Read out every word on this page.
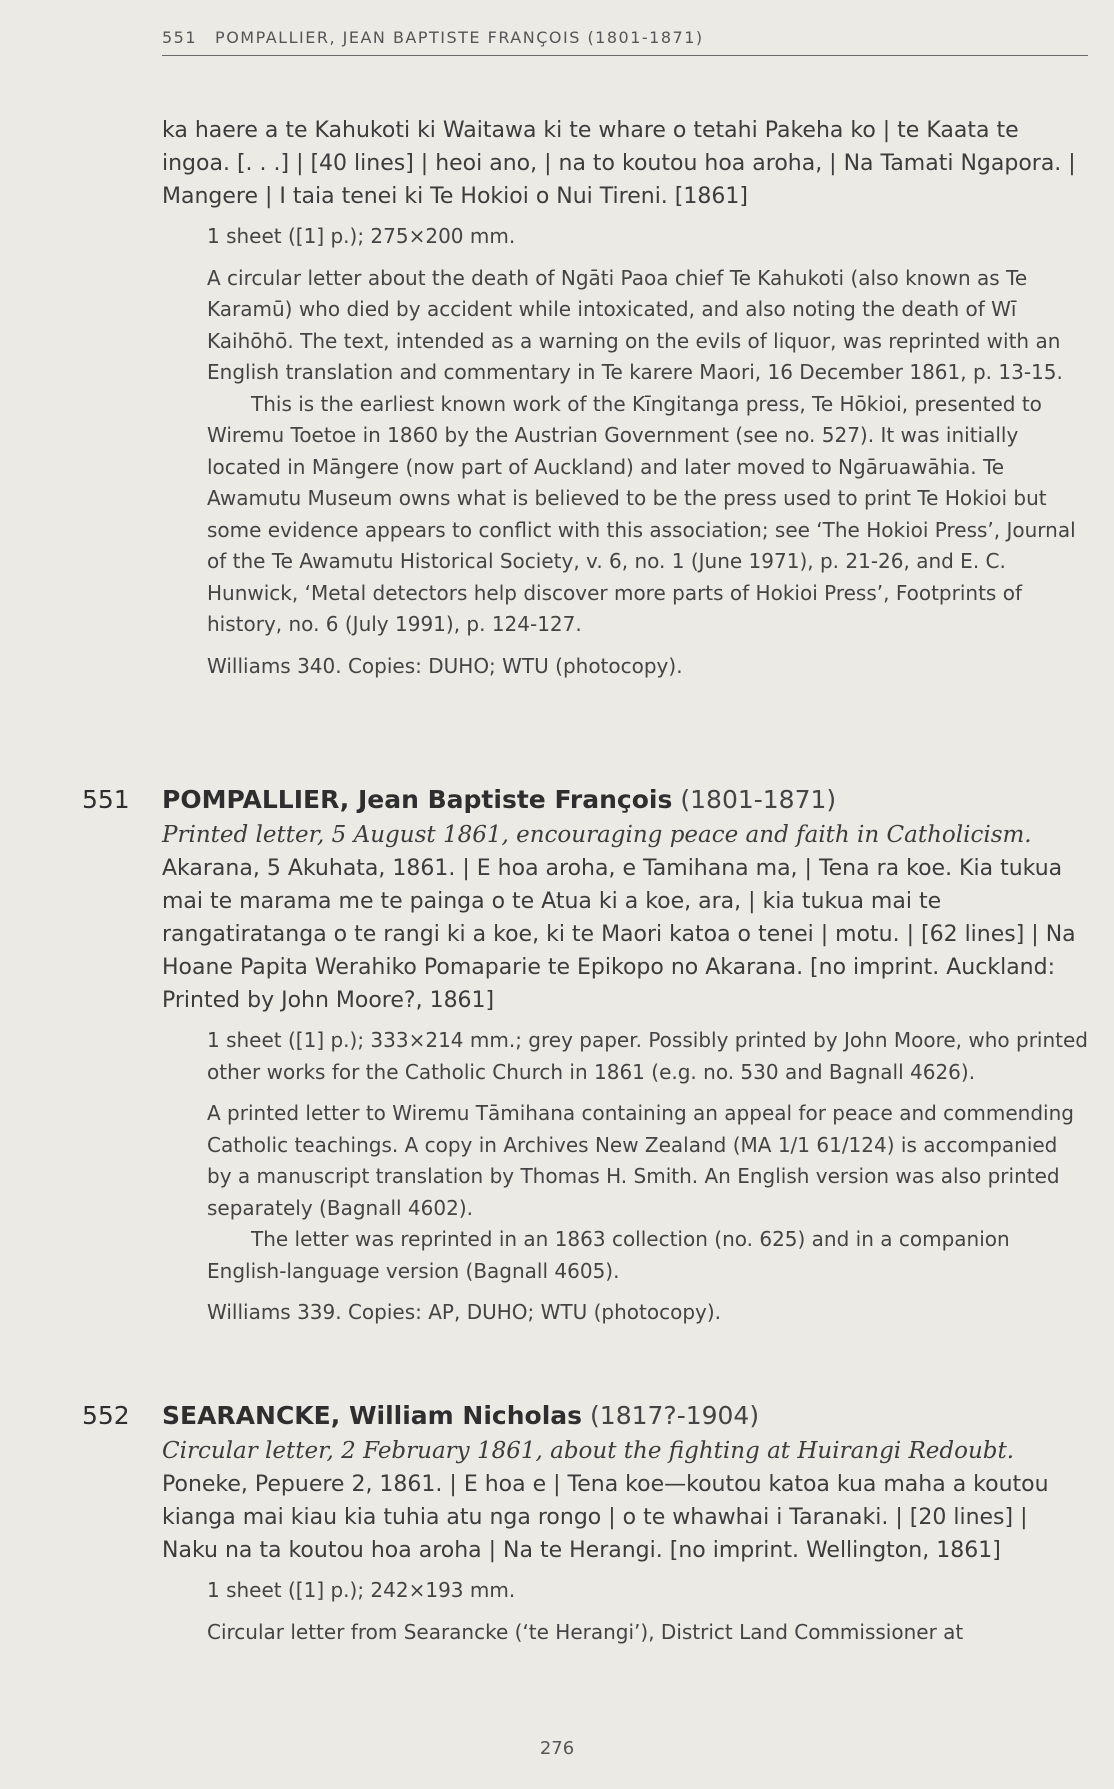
551 POMPALLIER, JEAN BAPTISTE FRANÇOIS (1801-1871)

ka haere a te Kahukoti ki Waitawa ki te whare o tetahi Pakeha ko | te Kaata te ingoa. [. . .] | [40 lines] | heoi ano, | na to koutou hoa aroha, | Na Tamati Ngapora. | Mangere | I taia tenei ki Te Hokioi o Nui Tireni. [1861]

1 sheet ([1] p.); 275×200 mm.

A circular letter about the death of Ngāti Paoa chief Te Kahukoti (also known as Te Karamū) who died by accident while intoxicated, and also noting the death of Wī Kaihōhō. The text, intended as a warning on the evils of liquor, was reprinted with an English translation and commentary in Te karere Maori, 16 December 1861, p. 13-15.

This is the earliest known work of the Kīngitanga press, Te Hōkioi, presented to Wiremu Toetoe in 1860 by the Austrian Government (see no. 527). It was initially located in Māngere (now part of Auckland) and later moved to Ngāruawāhia. Te Awamutu Museum owns what is believed to be the press used to print Te Hokioi but some evidence appears to conflict with this association; see ‘The Hokioi Press’, Journal of the Te Awamutu Historical Society, v. 6, no. 1 (June 1971), p. 21-26, and E. C. Hunwick, ‘Metal detectors help discover more parts of Hokioi Press’, Footprints of history, no. 6 (July 1991), p. 124-127.

Williams 340. Copies: DUHO; WTU (photocopy).

551 POMPALLIER, Jean Baptiste François (1801-1871)

Printed letter, 5 August 1861, encouraging peace and faith in Catholicism.

Akarana, 5 Akuhata, 1861. | E hoa aroha, e Tamihana ma, | Tena ra koe. Kia tukua mai te marama me te painga o te Atua ki a koe, ara, | kia tukua mai te rangatiratanga o te rangi ki a koe, ki te Maori katoa o tenei | motu. | [62 lines] | Na Hoane Papita Werahiko Pomaparie te Epikopo no Akarana. [no imprint. Auckland: Printed by John Moore?, 1861]

1 sheet ([1] p.); 333×214 mm.; grey paper. Possibly printed by John Moore, who printed other works for the Catholic Church in 1861 (e.g. no. 530 and Bagnall 4626).

A printed letter to Wiremu Tāmihana containing an appeal for peace and commending Catholic teachings. A copy in Archives New Zealand (MA 1/1 61/124) is accompanied by a manuscript translation by Thomas H. Smith. An English version was also printed separately (Bagnall 4602).

The letter was reprinted in an 1863 collection (no. 625) and in a companion English-language version (Bagnall 4605).

Williams 339. Copies: AP, DUHO; WTU (photocopy).

552 SEARANCKE, William Nicholas (1817?-1904)

Circular letter, 2 February 1861, about the fighting at Huirangi Redoubt.

Poneke, Pepuere 2, 1861. | E hoa e | Tena koe—koutou katoa kua maha a koutou kianga mai kiau kia tuhia atu nga rongo | o te whawhai i Taranaki. | [20 lines] | Naku na ta koutou hoa aroha | Na te Herangi. [no imprint. Wellington, 1861]

1 sheet ([1] p.); 242×193 mm.

Circular letter from Searancke (‘te Herangi’), District Land Commissioner at

276
